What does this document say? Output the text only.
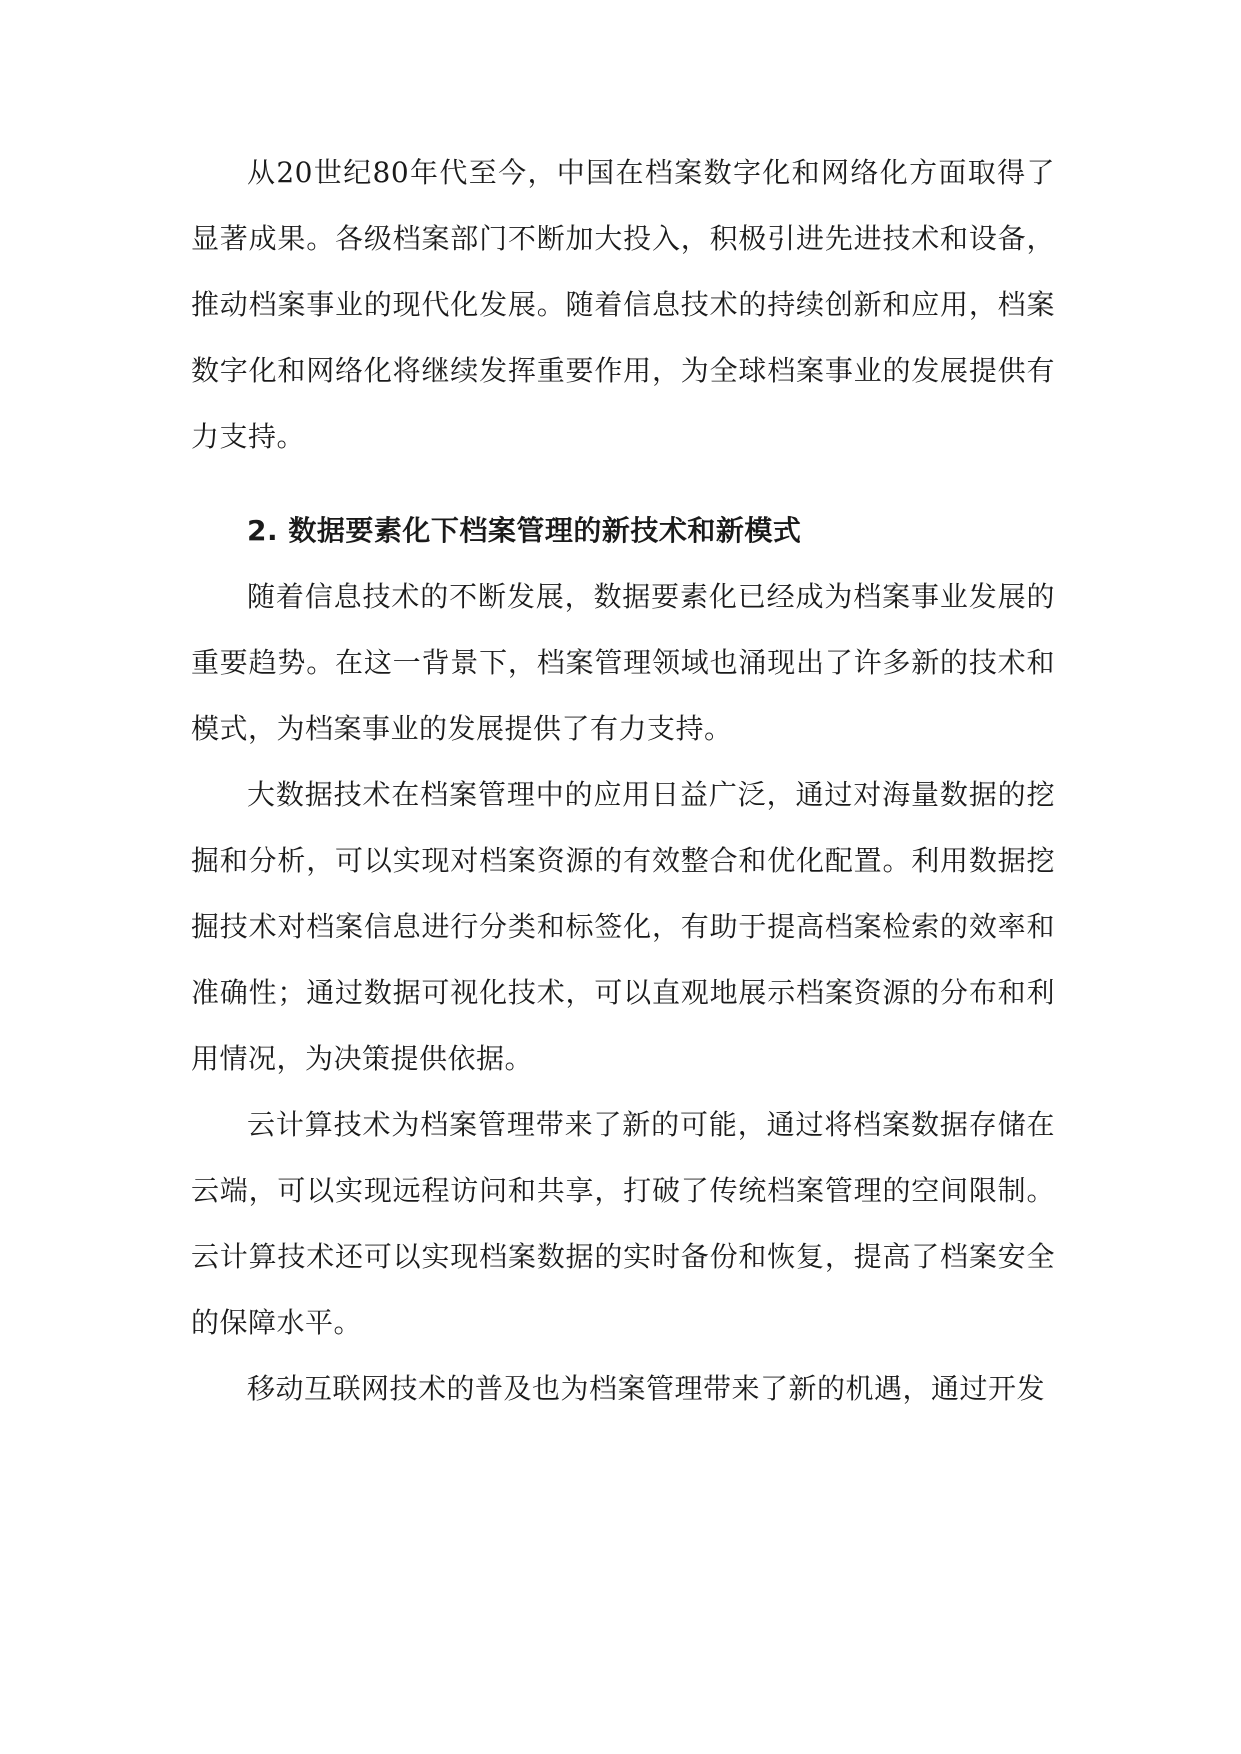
从20世纪80年代至今，中国在档案数字化和网络化方面取得了显著成果。各级档案部门不断加大投入，积极引进先进技术和设备，推动档案事业的现代化发展。随着信息技术的持续创新和应用，档案数字化和网络化将继续发挥重要作用，为全球档案事业的发展提供有力支持。

2. 数据要素化下档案管理的新技术和新模式

随着信息技术的不断发展，数据要素化已经成为档案事业发展的重要趋势。在这一背景下，档案管理领域也涌现出了许多新的技术和模式，为档案事业的发展提供了有力支持。

大数据技术在档案管理中的应用日益广泛，通过对海量数据的挖掘和分析，可以实现对档案资源的有效整合和优化配置。利用数据挖掘技术对档案信息进行分类和标签化，有助于提高档案检索的效率和准确性；通过数据可视化技术，可以直观地展示档案资源的分布和利用情况，为决策提供依据。

云计算技术为档案管理带来了新的可能，通过将档案数据存储在云端，可以实现远程访问和共享，打破了传统档案管理的空间限制。云计算技术还可以实现档案数据的实时备份和恢复，提高了档案安全的保障水平。

移动互联网技术的普及也为档案管理带来了新的机遇，通过开发
